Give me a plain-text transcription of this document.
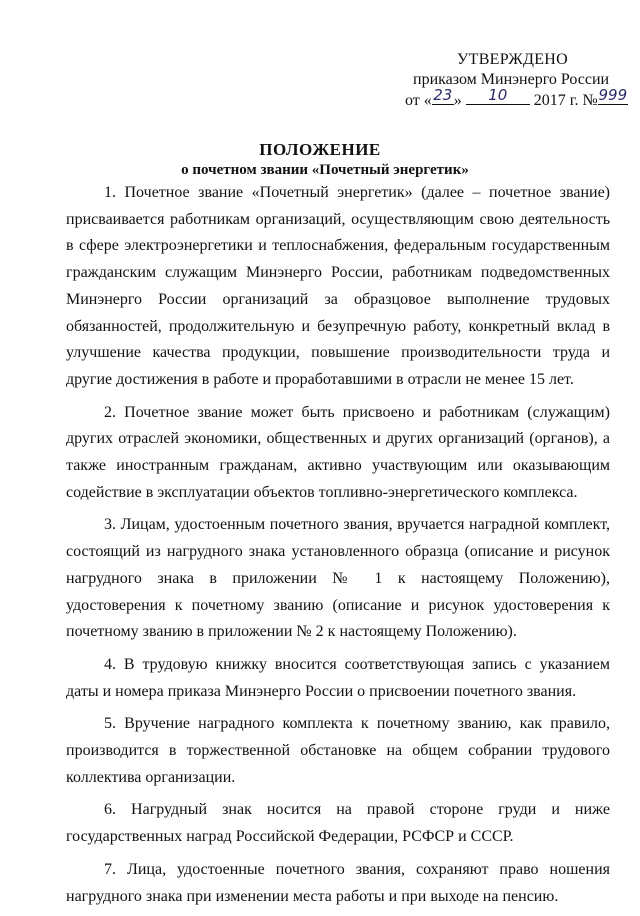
УТВЕРЖДЕНО
приказом Минэнерго России
от « 23 »	10	2017 г. № 999
ПОЛОЖЕНИЕ
о почетном звании «Почетный энергетик»

1. Почетное звание «Почетный энергетик» (далее – почетное звание) присваивается работникам организаций, осуществляющим свою деятельность в сфере электроэнергетики и теплоснабжения, федеральным государственным гражданским служащим Минэнерго России, работникам подведомственных Минэнерго России организаций за образцовое выполнение трудовых обязанностей, продолжительную и безупречную работу, конкретный вклад в улучшение качества продукции, повышение производительности труда и другие достижения в работе и проработавшими в отрасли не менее 15 лет.

2. Почетное звание может быть присвоено и работникам (служащим) других отраслей экономики, общественных и других организаций (органов), а также иностранным гражданам, активно участвующим или оказывающим содействие в эксплуатации объектов топливно-энергетического комплекса.

3. Лицам, удостоенным почетного звания, вручается наградной комплект, состоящий из нагрудного знака установленного образца (описание и рисунок нагрудного знака в приложении № 1 к настоящему Положению), удостоверения к почетному званию (описание и рисунок удостоверения к почетному званию в приложении № 2 к настоящему Положению).

4. В трудовую книжку вносится соответствующая запись с указанием даты и номера приказа Минэнерго России о присвоении почетного звания.

5. Вручение наградного комплекта к почетному званию, как правило, производится в торжественной обстановке на общем собрании трудового коллектива организации.

6. Нагрудный знак носится на правой стороне груди и ниже государственных наград Российской Федерации, РСФСР и СССР.

7. Лица, удостоенные почетного звания, сохраняют право ношения нагрудного знака при изменении места работы и при выходе на пенсию.
